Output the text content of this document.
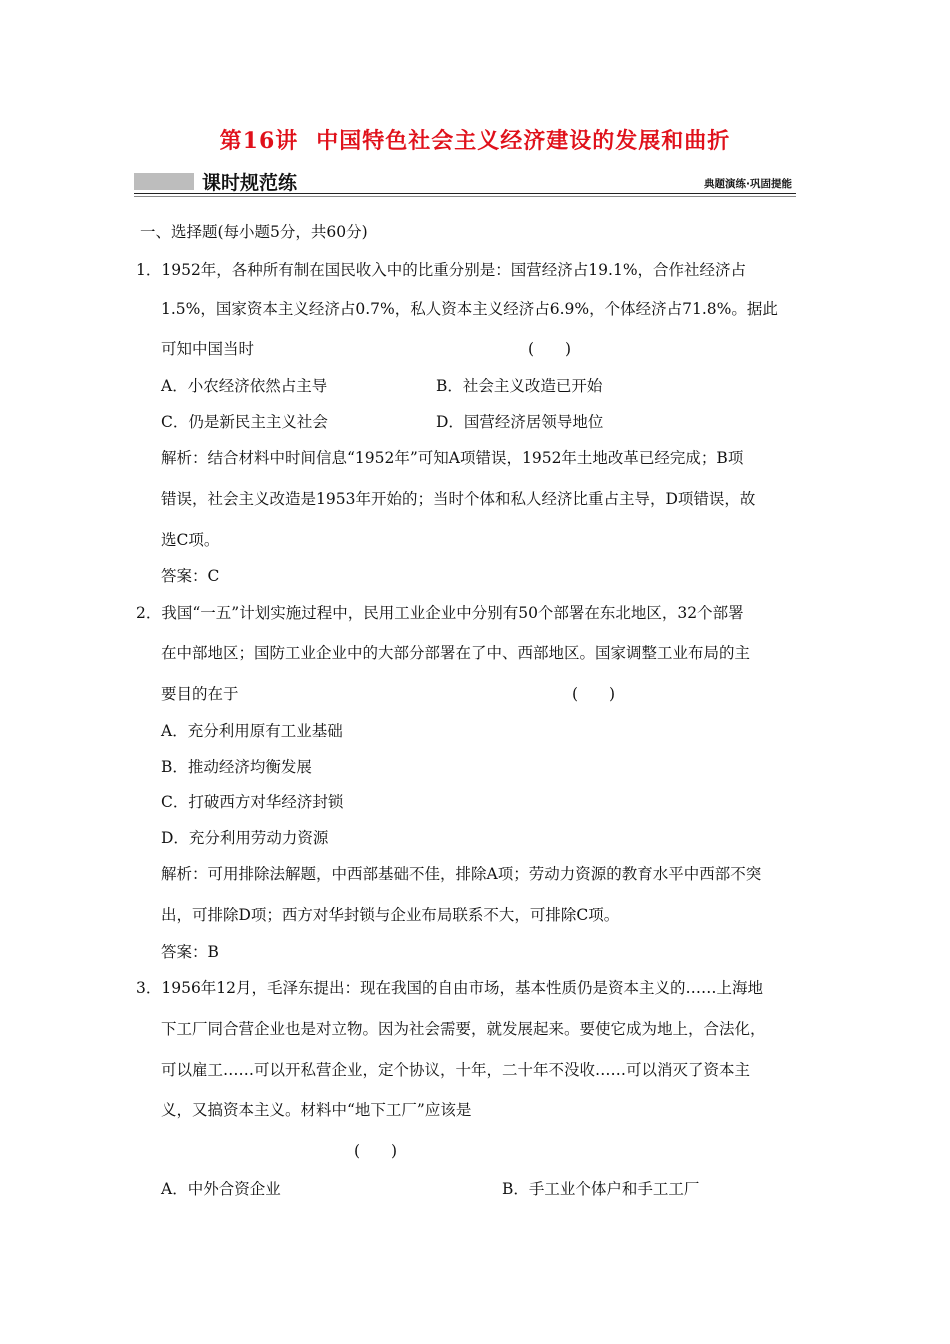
第16讲 中国特色社会主义经济建设的发展和曲折
课时规范练	典题演练·巩固提能
一、选择题(每小题5分，共60分)
1．1952年，各种所有制在国民收入中的比重分别是：国营经济占19.1%，合作社经济占
1.5%，国家资本主义经济占0.7%，私人资本主义经济占6.9%，个体经济占71.8%。据此
可知中国当时	(　　)
A．小农经济依然占主导	B．社会主义改造已开始
C．仍是新民主主义社会	D．国营经济居领导地位
解析：结合材料中时间信息“1952年”可知A项错误，1952年土地改革已经完成；B项
错误，社会主义改造是1953年开始的；当时个体和私人经济比重占主导，D项错误，故
选C项。
答案：C
2．我国“一五”计划实施过程中，民用工业企业中分别有50个部署在东北地区，32个部署
在中部地区；国防工业企业中的大部分部署在了中、西部地区。国家调整工业布局的主
要目的在于	(　　)
A．充分利用原有工业基础
B．推动经济均衡发展
C．打破西方对华经济封锁
D．充分利用劳动力资源
解析：可用排除法解题，中西部基础不佳，排除A项；劳动力资源的教育水平中西部不突
出，可排除D项；西方对华封锁与企业布局联系不大，可排除C项。
答案：B
3．1956年12月，毛泽东提出：现在我国的自由市场，基本性质仍是资本主义的……上海地
下工厂同合营企业也是对立物。因为社会需要，就发展起来。要使它成为地上，合法化，
可以雇工……可以开私营企业，定个协议，十年，二十年不没收……可以消灭了资本主
义，又搞资本主义。材料中“地下工厂”应该是
(　　)
A．中外合资企业	B．手工业个体户和手工工厂
